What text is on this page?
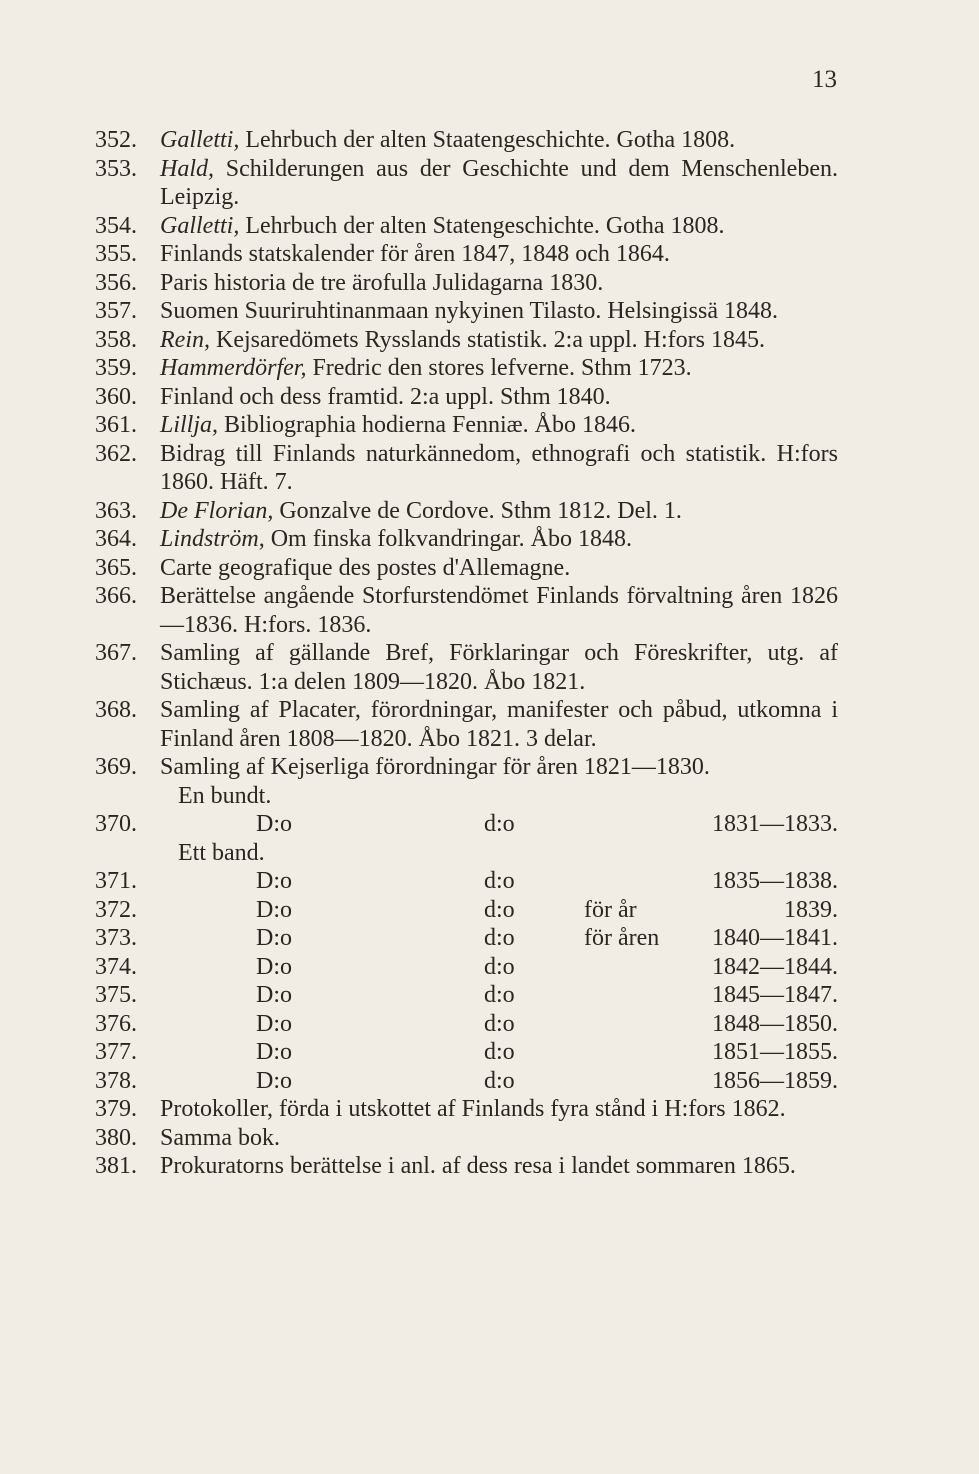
13
352. Galletti, Lehrbuch der alten Staatengeschichte. Gotha 1808.
353. Hald, Schilderungen aus der Geschichte und dem Menschenleben. Leipzig.
354. Galletti, Lehrbuch der alten Statengeschichte. Gotha 1808.
355. Finlands statskalender för åren 1847, 1848 och 1864.
356. Paris historia de tre ärofulla Julidagarna 1830.
357. Suomen Suuriruhtinanmaan nykyinen Tilasto. Helsingissä 1848.
358. Rein, Kejsaredömets Rysslands statistik. 2:a uppl. H:fors 1845.
359. Hammerdörfer, Fredric den stores lefverne. Sthm 1723.
360. Finland och dess framtid. 2:a uppl. Sthm 1840.
361. Lillja, Bibliographia hodierna Fenniæ. Åbo 1846.
362. Bidrag till Finlands naturkännedom, ethnografi och statistik. H:fors 1860. Häft. 7.
363. De Florian, Gonzalve de Cordove. Sthm 1812. Del. 1.
364. Lindström, Om finska folkvandringar. Åbo 1848.
365. Carte geografique des postes d'Allemagne.
366. Berättelse angående Storfurstendömet Finlands förvaltning åren 1826—1836. H:fors. 1836.
367. Samling af gällande Bref, Förklaringar och Föreskrifter, utg. af Stichæus. 1:a delen 1809—1820. Åbo 1821.
368. Samling af Placater, förordningar, manifester och påbud, utkomna i Finland åren 1808—1820. Åbo 1821. 3 delar.
369. Samling af Kejserliga förordningar för åren 1821—1830.
En bundt.
370.	D:o	d:o	1831—1833.
Ett band.
371.	D:o	d:o	1835—1838.
372.	D:o	d:o	för år	1839.
373.	D:o	d:o	för åren 1840—1841.
374.	D:o	d:o	1842—1844.
375.	D:o	d:o	1845—1847.
376.	D:o	d:o	1848—1850.
377.	D:o	d:o	1851—1855.
378.	D:o	d:o	1856—1859.
379. Protokoller, förda i utskottet af Finlands fyra stånd i H:fors 1862.
380. Samma bok.
381. Prokuratorns berättelse i anl. af dess resa i landet sommaren 1865.
